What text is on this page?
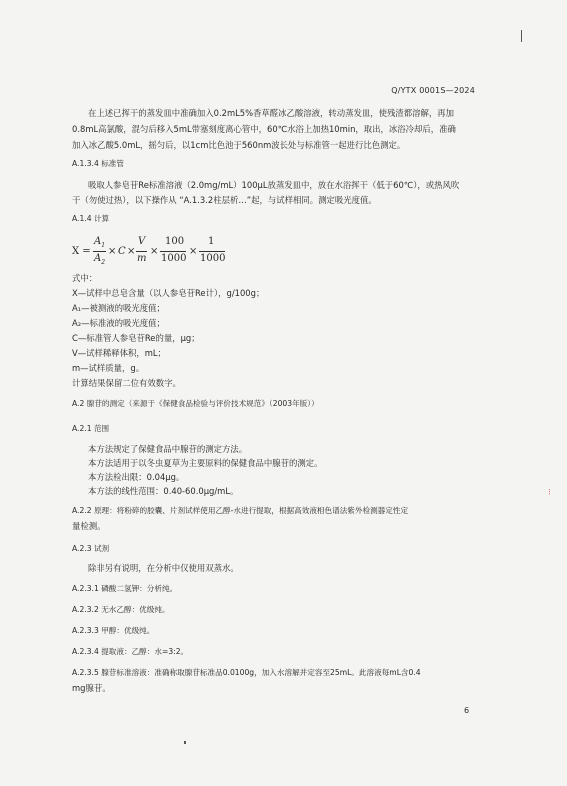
Q/YTX 0001S—2024
在上述已挥干的蒸发皿中准确加入0.2mL5%香草醛冰乙酸溶液，转动蒸发皿，使残渣都溶解，再加
0.8mL高氯酸，混匀后移入5mL带塞刻度离心管中，60℃水浴上加热10min，取出，冰浴冷却后，准确
加入冰乙酸5.0mL，摇匀后，以1cm比色池于560nm波长处与标准管一起进行比色测定。
A.1.3.4 标准管
吸取人参皂苷Re标准溶液（2.0mg/mL）100μL放蒸发皿中，放在水浴挥干（低于60℃），或热风吹
干（勿使过热），以下操作从 “A.1.3.2柱层析…”起，与试样相同。测定吸光度值。
A.1.4 计算
X =
$A_1$
$A_2$
× C ×
V
m
×
100
1000
×
1
1000
式中：
X—试样中总皂含量（以人参皂苷Re计），g/100g；
A₁—被测液的吸光度值；
A₂—标准液的吸光度值；
C—标准管人参皂苷Re的量，μg；
V—试样稀释体积，mL；
m—试样质量，g。
计算结果保留二位有效数字。
A.2 腺苷的测定（来源于《保健食品检验与评价技术规范》（2003年版））
A.2.1 范围
本方法规定了保健食品中腺苷的测定方法。
本方法适用于以冬虫夏草为主要原料的保健食品中腺苷的测定。
本方法检出限：0.04μg。
本方法的线性范围：0.40-60.0μg/mL。
A.2.2 原理：将粉碎的胶囊、片剂试样使用乙醇-水进行提取，根据高效液相色谱法紫外检测器定性定
量检测。
A.2.3 试剂
除非另有说明，在分析中仅使用双蒸水。
A.2.3.1 磷酸二氢钾：分析纯。
A.2.3.2 无水乙醇：优级纯。
A.2.3.3 甲醇：优级纯。
A.2.3.4 提取液：乙醇：水=3:2。
A.2.3.5 腺苷标准溶液：准确称取腺苷标准品0.0100g，加入水溶解并定容至25mL。此溶液每mL含0.4
mg腺苷。
6
⁝
